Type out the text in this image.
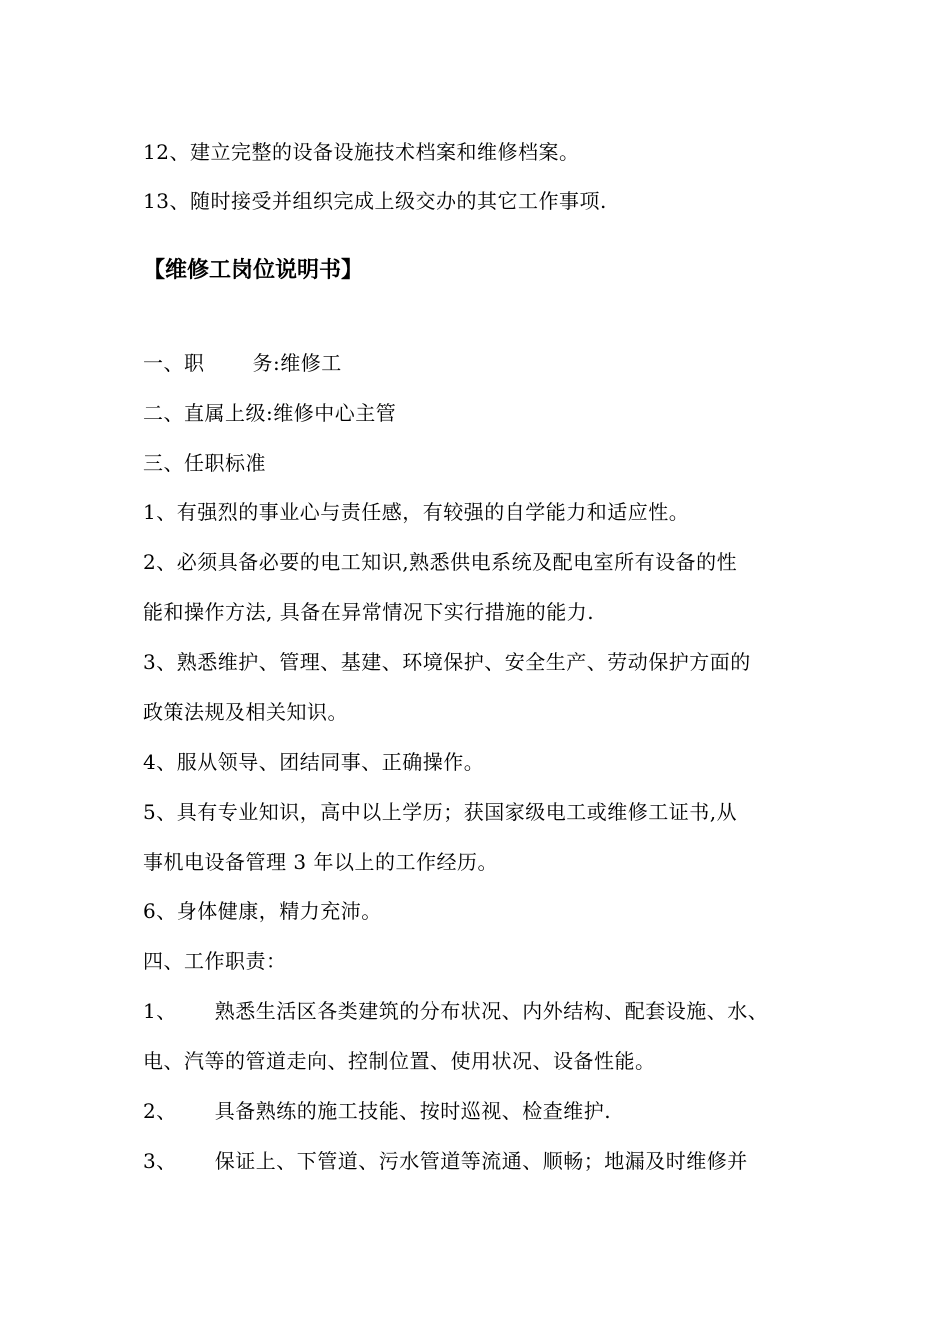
12、建立完整的设备设施技术档案和维修档案。
13、随时接受并组织完成上级交办的其它工作事项.
【维修工岗位说明书】
一、职 务:维修工
二、直属上级:维修中心主管
三、任职标准
1、有强烈的事业心与责任感，有较强的自学能力和适应性。
2、必须具备必要的电工知识,熟悉供电系统及配电室所有设备的性
能和操作方法, 具备在异常情况下实行措施的能力.
3、熟悉维护、管理、基建、环境保护、安全生产、劳动保护方面的
政策法规及相关知识。
4、服从领导、团结同事、正确操作。
5、具有专业知识，高中以上学历；获国家级电工或维修工证书,从
事机电设备管理 3 年以上的工作经历。
6、身体健康，精力充沛。
四、工作职责：
1、 熟悉生活区各类建筑的分布状况、内外结构、配套设施、水、
电、汽等的管道走向、控制位置、使用状况、设备性能。
2、 具备熟练的施工技能、按时巡视、检查维护.
3、 保证上、下管道、污水管道等流通、顺畅；地漏及时维修并
